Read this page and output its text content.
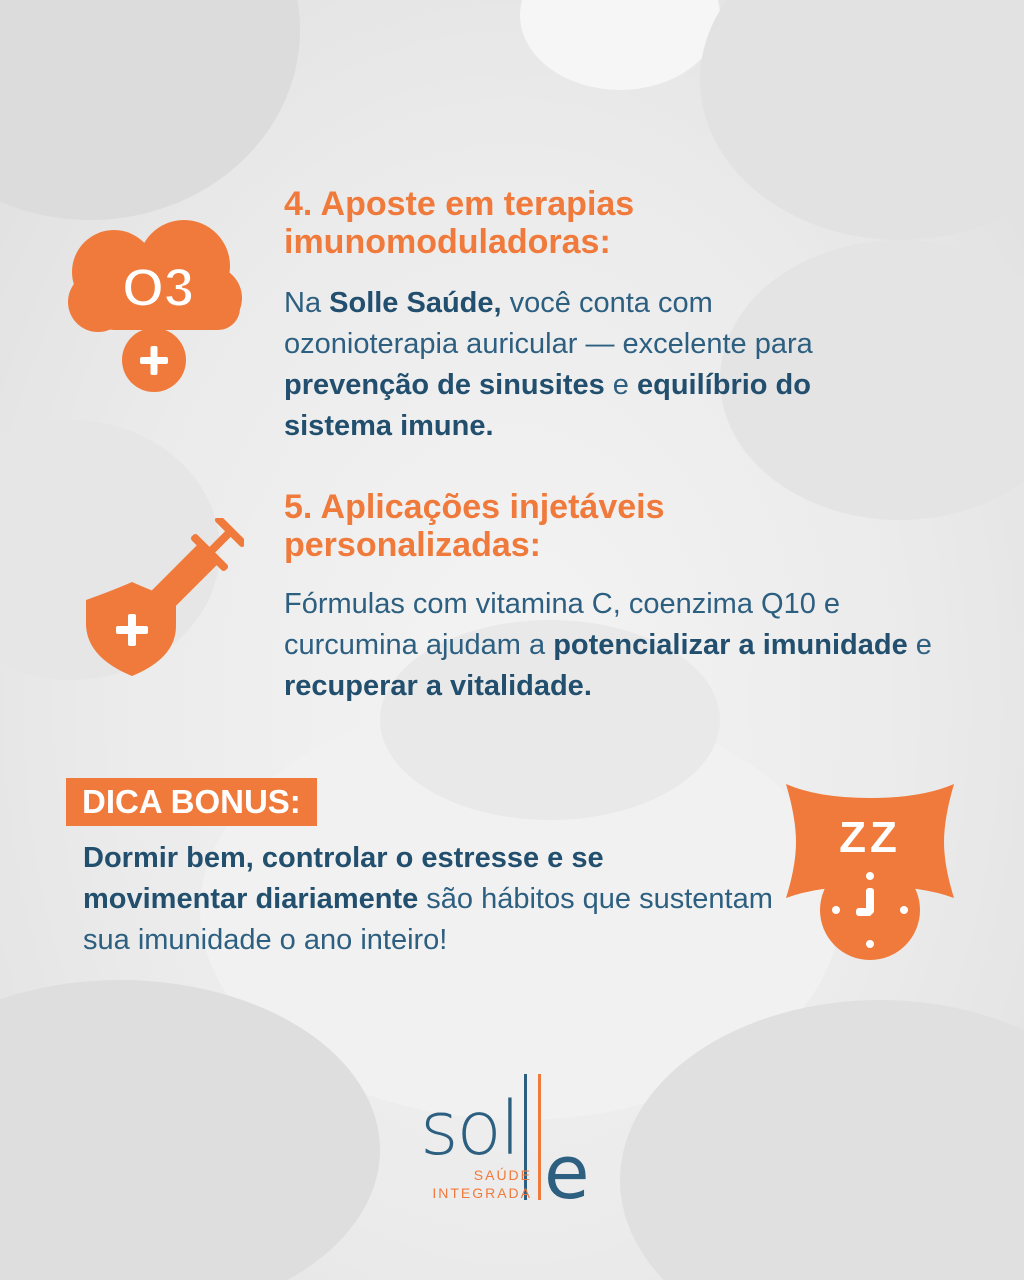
O3

4. Aposte em terapias
imunomoduladoras:

Na Solle Saúde, você conta com ozonioterapia auricular — excelente para prevenção de sinusites e equilíbrio do sistema imune.

5. Aplicações injetáveis
personalizadas:

Fórmulas com vitamina C, coenzima Q10 e curcumina ajudam a potencializar a imunidade e recuperar a vitalidade.

DICA BONUS:

Dormir bem, controlar o estresse e se movimentar diariamente são hábitos que sustentam sua imunidade o ano inteiro!

ZZ
sol
e
SAÚDE
INTEGRADA
